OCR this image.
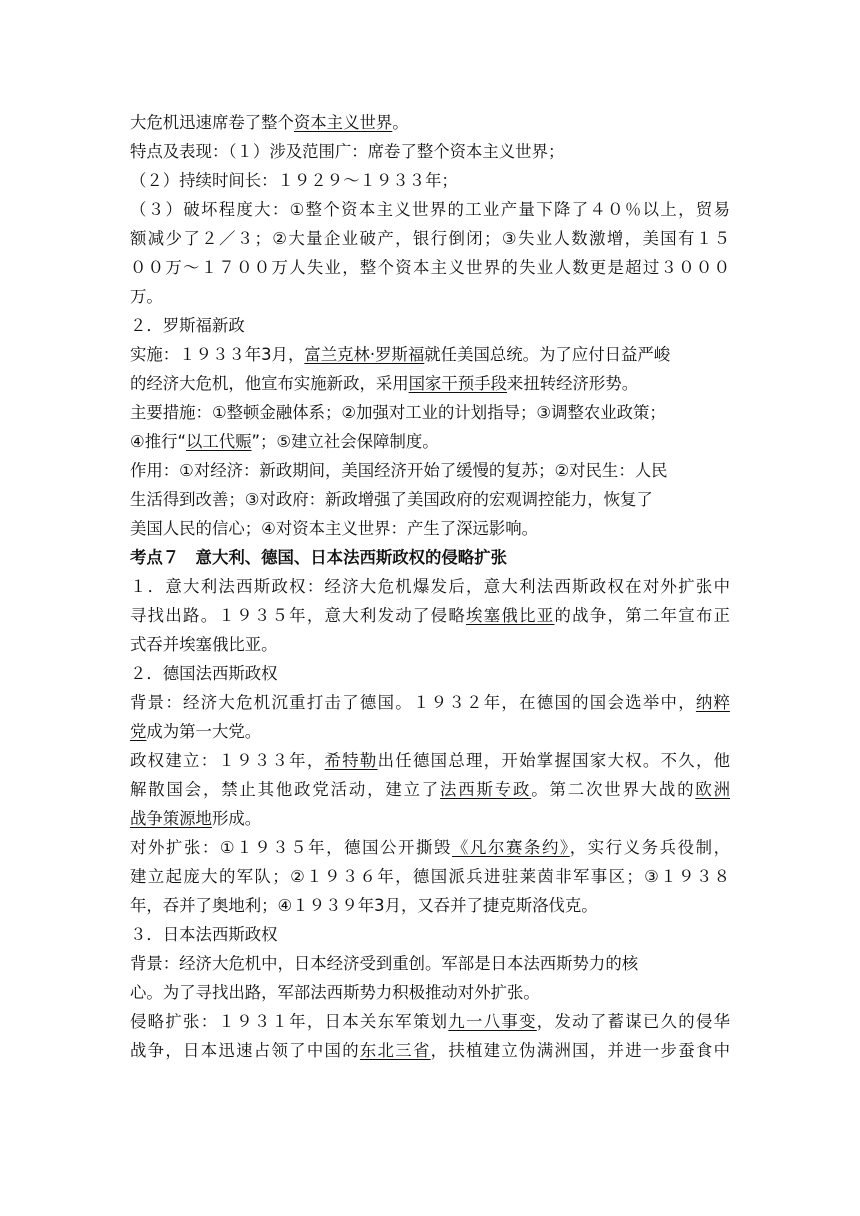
大危机迅速席卷了整个资本主义世界。
特点及表现：（１）涉及范围广：席卷了整个资本主义世界；
（２）持续时间长：１９２９～１９３３年；
（３）破坏程度大：①整个资本主义世界的工业产量下降了４０％以上，贸易
额减少了２／３；②大量企业破产，银行倒闭；③失业人数激增，美国有１５
００万～１７００万人失业，整个资本主义世界的失业人数更是超过３０００
万。
２．罗斯福新政
实施：１９３３年3月，富兰克林·罗斯福就任美国总统。为了应付日益严峻
的经济大危机，他宣布实施新政，采用国家干预手段来扭转经济形势。
主要措施：①整顿金融体系；②加强对工业的计划指导；③调整农业政策；
④推行“以工代赈”；⑤建立社会保障制度。
作用：①对经济：新政期间，美国经济开始了缓慢的复苏；②对民生：人民
生活得到改善；③对政府：新政增强了美国政府的宏观调控能力，恢复了
美国人民的信心；④对资本主义世界：产生了深远影响。
考点７　意大利、德国、日本法西斯政权的侵略扩张
１．意大利法西斯政权：经济大危机爆发后，意大利法西斯政权在对外扩张中
寻找出路。１９３５年，意大利发动了侵略埃塞俄比亚的战争，第二年宣布正
式吞并埃塞俄比亚。
２．德国法西斯政权
背景：经济大危机沉重打击了德国。１９３２年，在德国的国会选举中，纳粹
党成为第一大党。
政权建立：１９３３年，希特勒出任德国总理，开始掌握国家大权。不久，他
解散国会，禁止其他政党活动，建立了法西斯专政。第二次世界大战的欧洲
战争策源地形成。
对外扩张：①１９３５年，德国公开撕毁《凡尔赛条约》，实行义务兵役制，
建立起庞大的军队；②１９３６年，德国派兵进驻莱茵非军事区；③１９３８
年，吞并了奥地利；④１９３９年3月，又吞并了捷克斯洛伐克。
３．日本法西斯政权
背景：经济大危机中，日本经济受到重创。军部是日本法西斯势力的核
心。为了寻找出路，军部法西斯势力积极推动对外扩张。
侵略扩张：１９３１年，日本关东军策划九一八事变，发动了蓄谋已久的侵华
战争，日本迅速占领了中国的东北三省，扶植建立伪满洲国，并进一步蚕食中
